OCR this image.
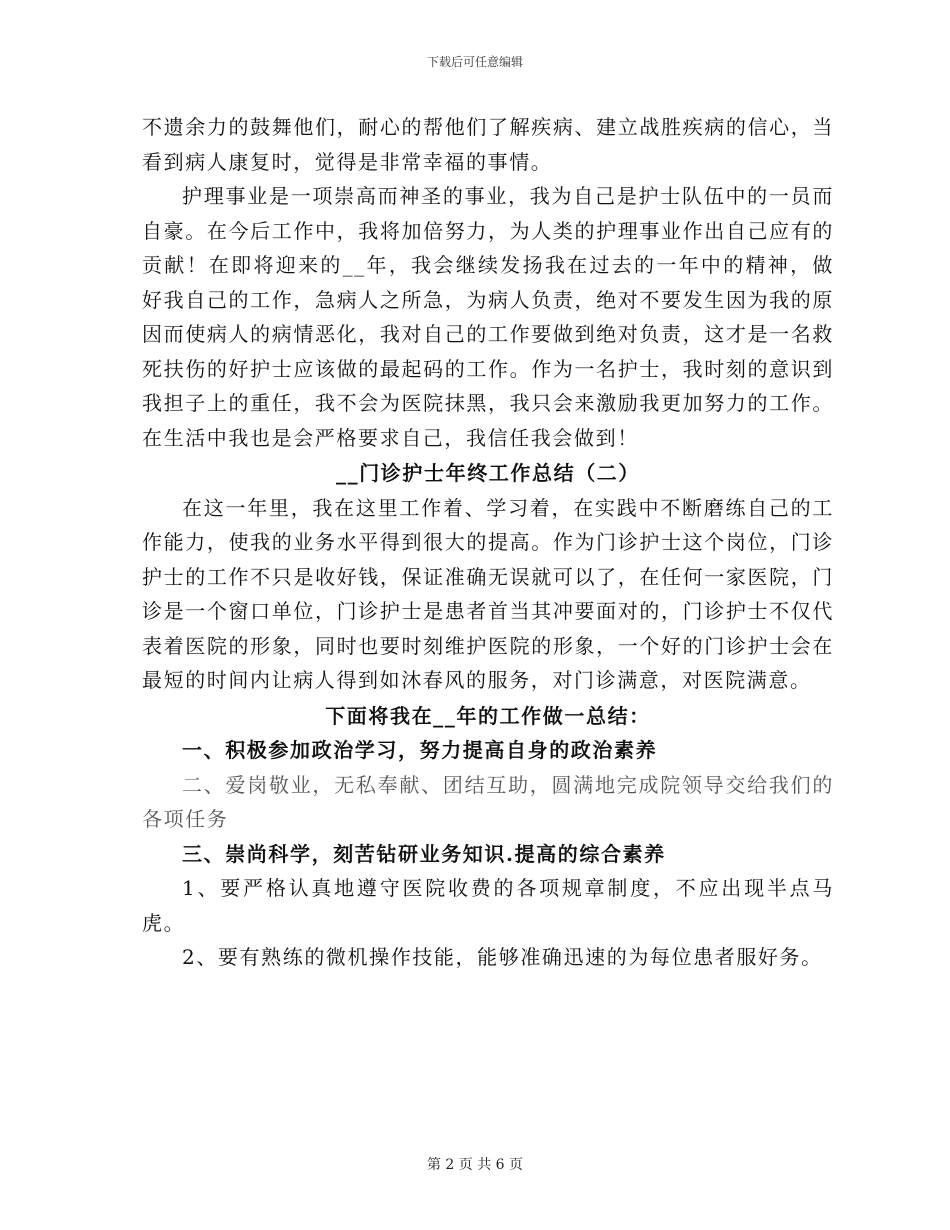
下载后可任意编辑

不遗余力的鼓舞他们，耐心的帮他们了解疾病、建立战胜疾病的信心，当看到病人康复时，觉得是非常幸福的事情。

护理事业是一项崇高而神圣的事业，我为自己是护士队伍中的一员而自豪。在今后工作中，我将加倍努力，为人类的护理事业作出自己应有的贡献！在即将迎来的__年，我会继续发扬我在过去的一年中的精神，做好我自己的工作，急病人之所急，为病人负责，绝对不要发生因为我的原因而使病人的病情恶化，我对自己的工作要做到绝对负责，这才是一名救死扶伤的好护士应该做的最起码的工作。作为一名护士，我时刻的意识到我担子上的重任，我不会为医院抹黑，我只会来激励我更加努力的工作。在生活中我也是会严格要求自己，我信任我会做到！

__门诊护士年终工作总结（二）

在这一年里，我在这里工作着、学习着，在实践中不断磨练自己的工作能力，使我的业务水平得到很大的提高。作为门诊护士这个岗位，门诊护士的工作不只是收好钱，保证准确无误就可以了，在任何一家医院，门诊是一个窗口单位，门诊护士是患者首当其冲要面对的，门诊护士不仅代表着医院的形象，同时也要时刻维护医院的形象，一个好的门诊护士会在最短的时间内让病人得到如沐春风的服务，对门诊满意，对医院满意。

下面将我在__年的工作做一总结：

一、积极参加政治学习，努力提高自身的政治素养

二、爱岗敬业，无私奉献、团结互助，圆满地完成院领导交给我们的各项任务

三、崇尚科学，刻苦钻研业务知识.提高的综合素养

1、要严格认真地遵守医院收费的各项规章制度，不应出现半点马虎。

2、要有熟练的微机操作技能，能够准确迅速的为每位患者服好务。

第 2 页 共 6 页
